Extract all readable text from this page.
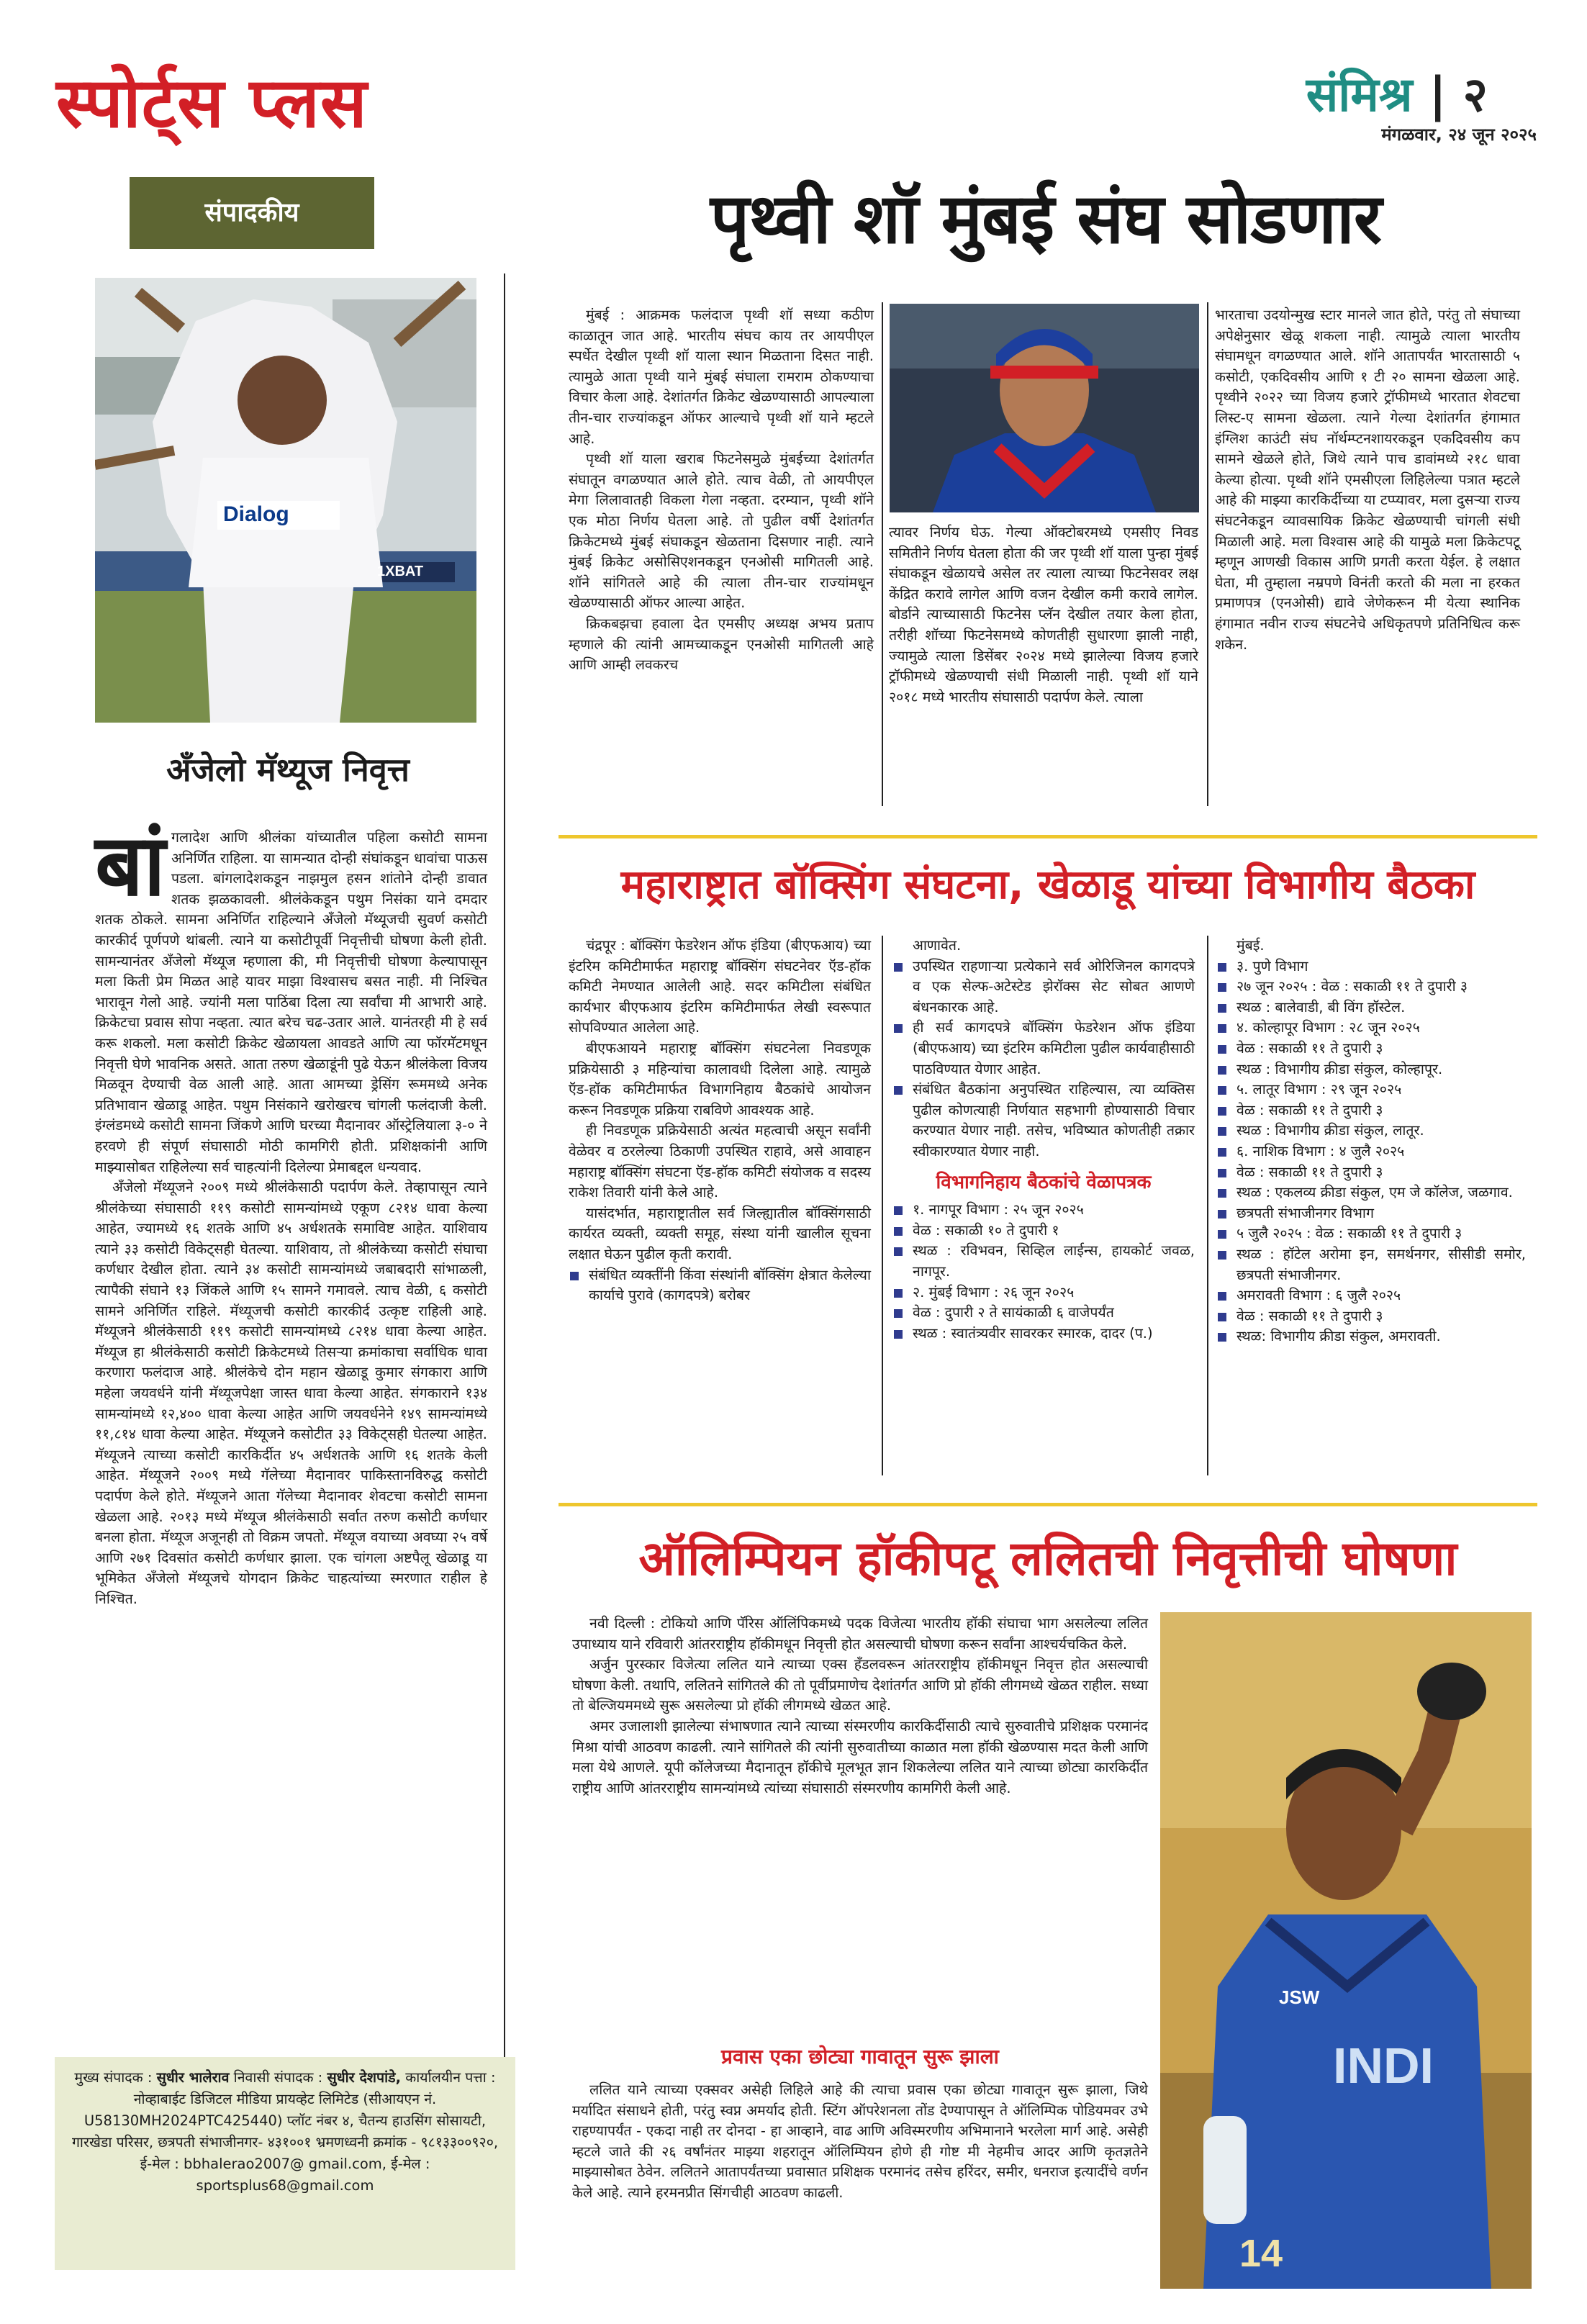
स्पोर्ट्स प्लस	संमिश्र | २
मंगळवार, २४ जून २०२५
संपादकीय
Dialog
1XBAT
अँजेलो मॅथ्यूज निवृत्त
बां गलादेश आणि श्रीलंका यांच्यातील पहिला कसोटी सामना अनिर्णित राहिला. या सामन्यात दोन्ही संघांकडून धावांचा पाऊस पडला. बांगलादेशकडून नाझमुल हसन शांतोने दोन्ही डावात शतक झळकावली. श्रीलंकेकडून पथुम निसंका याने दमदार शतक ठोकले. सामना अनिर्णित राहिल्याने अँजेलो मॅथ्यूजची सुवर्ण कसोटी कारकीर्द पूर्णपणे थांबली. त्याने या कसोटीपूर्वी निवृत्तीची घोषणा केली होती. सामन्यानंतर अँजेलो मॅथ्यूज म्हणाला की, मी निवृत्तीची घोषणा केल्यापासून मला किती प्रेम मिळत आहे यावर माझा विश्वासच बसत नाही. मी निश्चित भारावून गेलो आहे. ज्यांनी मला पाठिंबा दिला त्या सर्वांचा मी आभारी आहे. क्रिकेटचा प्रवास सोपा नव्हता. त्यात बरेच चढ-उतार आले. यानंतरही मी हे सर्व करू शकलो. मला कसोटी क्रिकेट खेळायला आवडते आणि त्या फॉरमॅटमधून निवृत्ती घेणे भावनिक असते. आता तरुण खेळाडूंनी पुढे येऊन श्रीलंकेला विजय मिळवून देण्याची वेळ आली आहे. आता आमच्या ड्रेसिंग रूममध्ये अनेक प्रतिभावान खेळाडू आहेत. पथुम निसंकाने खरोखरच चांगली फलंदाजी केली. इंग्लंडमध्ये कसोटी सामना जिंकणे आणि घरच्या मैदानावर ऑस्ट्रेलियाला ३-० ने हरवणे ही संपूर्ण संघासाठी मोठी कामगिरी होती. प्रशिक्षकांनी आणि माझ्यासोबत राहिलेल्या सर्व चाहत्यांनी दिलेल्या प्रेमाबद्दल धन्यवाद.

अँजेलो मॅथ्यूजने २००९ मध्ये श्रीलंकेसाठी पदार्पण केले. तेव्हापासून त्याने श्रीलंकेच्या संघासाठी ११९ कसोटी सामन्यांमध्ये एकूण ८२१४ धावा केल्या आहेत, ज्यामध्ये १६ शतके आणि ४५ अर्धशतके समाविष्ट आहेत. याशिवाय त्याने ३३ कसोटी विकेट्सही घेतल्या. याशिवाय, तो श्रीलंकेच्या कसोटी संघाचा कर्णधार देखील होता. त्याने ३४ कसोटी सामन्यांमध्ये जबाबदारी सांभाळली, त्यापैकी संघाने १३ जिंकले आणि १५ सामने गमावले. त्याच वेळी, ६ कसोटी सामने अनिर्णित राहिले. मॅथ्यूजची कसोटी कारकीर्द उत्कृष्ट राहिली आहे. मॅथ्यूजने श्रीलंकेसाठी ११९ कसोटी सामन्यांमध्ये ८२१४ धावा केल्या आहेत. मॅथ्यूज हा श्रीलंकेसाठी कसोटी क्रिकेटमध्ये तिसऱ्या क्रमांकाचा सर्वाधिक धावा करणारा फलंदाज आहे. श्रीलंकेचे दोन महान खेळाडू कुमार संगकारा आणि महेला जयवर्धने यांनी मॅथ्यूजपेक्षा जास्त धावा केल्या आहेत. संगकाराने १३४ सामन्यांमध्ये १२,४०० धावा केल्या आहेत आणि जयवर्धनेने १४९ सामन्यांमध्ये ११,८१४ धावा केल्या आहेत. मॅथ्यूजने कसोटीत ३३ विकेट्सही घेतल्या आहेत. मॅथ्यूजने त्याच्या कसोटी कारकिर्दीत ४५ अर्धशतके आणि १६ शतके केली आहेत. मॅथ्यूजने २००९ मध्ये गॅलेच्या मैदानावर पाकिस्तानविरुद्ध कसोटी पदार्पण केले होते. मॅथ्यूजने आता गॅलेच्या मैदानावर शेवटचा कसोटी सामना खेळला आहे. २०१३ मध्ये मॅथ्यूज श्रीलंकेसाठी सर्वात तरुण कसोटी कर्णधार बनला होता. मॅथ्यूज अजूनही तो विक्रम जपतो. मॅथ्यूज वयाच्या अवघ्या २५ वर्षे आणि २७१ दिवसांत कसोटी कर्णधार झाला. एक चांगला अष्टपैलू खेळाडू या भूमिकेत अँजेलो मॅथ्यूजचे योगदान क्रिकेट चाहत्यांच्या स्मरणात राहील हे निश्चित.

मुख्य संपादक : सुधीर भालेराव निवासी संपादक : सुधीर देशपांडे, कार्यालयीन पत्ता : नोव्हाबाईट डिजिटल मीडिया प्रायव्हेट लिमिटेड (सीआयएन नं. U58130MH2024PTC425440) प्लॉट नंबर ४, चैतन्य हाउसिंग सोसायटी, गारखेडा परिसर, छत्रपती संभाजीनगर- ४३१००१ भ्रमणध्वनी क्रमांक - ९८१३३००९२०, ई-मेल : bbhalerao2007@ gmail.com, ई-मेल : sportsplus68@gmail.com
पृथ्वी शॉ मुंबई संघ सोडणार

मुंबई : आक्रमक फलंदाज पृथ्वी शॉ सध्या कठीण काळातून जात आहे. भारतीय संघच काय तर आयपीएल स्पर्धेत देखील पृथ्वी शॉ याला स्थान मिळताना दिसत नाही. त्यामुळे आता पृथ्वी याने मुंबई संघाला रामराम ठोकण्याचा विचार केला आहे. देशांतर्गत क्रिकेट खेळण्यासाठी आपल्याला तीन-चार राज्यांकडून ऑफर आल्याचे पृथ्वी शॉ याने म्हटले आहे.

पृथ्वी शॉ याला खराब फिटनेसमुळे मुंबईच्या देशांतर्गत संघातून वगळण्यात आले होते. त्याच वेळी, तो आयपीएल मेगा लिलावातही विकला गेला नव्हता. दरम्यान, पृथ्वी शॉने एक मोठा निर्णय घेतला आहे. तो पुढील वर्षी देशांतर्गत क्रिकेटमध्ये मुंबई संघाकडून खेळताना दिसणार नाही. त्याने मुंबई क्रिकेट असोसिएशनकडून एनओसी मागितली आहे. शॉने सांगितले आहे की त्याला तीन-चार राज्यांमधून खेळण्यासाठी ऑफर आल्या आहेत.

क्रिकबझचा हवाला देत एमसीए अध्यक्ष अभय प्रताप म्हणाले की त्यांनी आमच्याकडून एनओसी मागितली आहे आणि आम्ही लवकरच

त्यावर निर्णय घेऊ. गेल्या ऑक्टोबरमध्ये एमसीए निवड समितीने निर्णय घेतला होता की जर पृथ्वी शॉ याला पुन्हा मुंबई संघाकडून खेळायचे असेल तर त्याला त्याच्या फिटनेसवर लक्ष केंद्रित करावे लागेल आणि वजन देखील कमी करावे लागेल. बोर्डाने त्याच्यासाठी फिटनेस प्लॅन देखील तयार केला होता, तरीही शॉच्या फिटनेसमध्ये कोणतीही सुधारणा झाली नाही, ज्यामुळे त्याला डिसेंबर २०२४ मध्ये झालेल्या विजय हजारे ट्रॉफीमध्ये खेळण्याची संधी मिळाली नाही. पृथ्वी शॉ याने २०१८ मध्ये भारतीय संघासाठी पदार्पण केले. त्याला

भारताचा उदयोन्मुख स्टार मानले जात होते, परंतु तो संघाच्या अपेक्षेनुसार खेळू शकला नाही. त्यामुळे त्याला भारतीय संघामधून वगळण्यात आले. शॉने आतापर्यंत भारतासाठी ५ कसोटी, एकदिवसीय आणि १ टी २० सामना खेळला आहे. पृथ्वीने २०२२ च्या विजय हजारे ट्रॉफीमध्ये भारतात शेवटचा लिस्ट-ए सामना खेळला. त्याने गेल्या देशांतर्गत हंगामात इंग्लिश काउंटी संघ नॉर्थम्प्टनशायरकडून एकदिवसीय कप सामने खेळले होते, जिथे त्याने पाच डावांमध्ये २१८ धावा केल्या होत्या. पृथ्वी शॉने एमसीएला लिहिलेल्या पत्रात म्हटले आहे की माझ्या कारकिर्दीच्या या टप्प्यावर, मला दुसऱ्या राज्य संघटनेकडून व्यावसायिक क्रिकेट खेळण्याची चांगली संधी मिळाली आहे. मला विश्वास आहे की यामुळे मला क्रिकेटपटू म्हणून आणखी विकास आणि प्रगती करता येईल. हे लक्षात घेता, मी तुम्हाला नम्रपणे विनंती करतो की मला ना हरकत प्रमाणपत्र (एनओसी) द्यावे जेणेकरून मी येत्या स्थानिक हंगामात नवीन राज्य संघटनेचे अधिकृतपणे प्रतिनिधित्व करू शकेन.

महाराष्ट्रात बॉक्सिंग संघटना, खेळाडू यांच्या विभागीय बैठका

चंद्रपूर : बॉक्सिंग फेडरेशन ऑफ इंडिया (बीएफआय) च्या इंटरिम कमिटीमार्फत महाराष्ट्र बॉक्सिंग संघटनेवर ऍड-हॉक कमिटी नेमण्यात आलेली आहे. सदर कमिटीला संबंधित कार्यभार बीएफआय इंटरिम कमिटीमार्फत लेखी स्वरूपात सोपविण्यात आलेला आहे.

बीएफआयने महाराष्ट्र बॉक्सिंग संघटनेला निवडणूक प्रक्रियेसाठी ३ महिन्यांचा कालावधी दिलेला आहे. त्यामुळे ऍड-हॉक कमिटीमार्फत विभागनिहाय बैठकांचे आयोजन करून निवडणूक प्रक्रिया राबविणे आवश्यक आहे.

ही निवडणूक प्रक्रियेसाठी अत्यंत महत्वाची असून सर्वांनी वेळेवर व ठरलेल्या ठिकाणी उपस्थित राहावे, असे आवाहन महाराष्ट्र बॉक्सिंग संघटना ऍड-हॉक कमिटी संयोजक व सदस्य राकेश तिवारी यांनी केले आहे.

यासंदर्भात, महाराष्ट्रातील सर्व जिल्ह्यातील बॉक्सिंगसाठी कार्यरत व्यक्ती, व्यक्ती समूह, संस्था यांनी खालील सूचना लक्षात घेऊन पुढील कृती करावी.

संबंधित व्यक्तींनी किंवा संस्थांनी बॉक्सिंग क्षेत्रात केलेल्या कार्याचे पुरावे (कागदपत्रे) बरोबर
आणावेत.
उपस्थित राहणाऱ्या प्रत्येकाने सर्व ओरिजिनल कागदपत्रे व एक सेल्फ-अटेस्टेड झेरॉक्स सेट सोबत आणणे बंधनकारक आहे.
ही सर्व कागदपत्रे बॉक्सिंग फेडरेशन ऑफ इंडिया (बीएफआय) च्या इंटरिम कमिटीला पुढील कार्यवाहीसाठी पाठविण्यात येणार आहेत.
संबंधित बैठकांना अनुपस्थित राहिल्यास, त्या व्यक्तिस पुढील कोणत्याही निर्णयात सहभागी होण्यासाठी विचार करण्यात येणार नाही. तसेच, भविष्यात कोणतीही तक्रार स्वीकारण्यात येणार नाही.
विभागनिहाय बैठकांचे वेळापत्रक
१. नागपूर विभाग : २५ जून २०२५
वेळ : सकाळी १० ते दुपारी १
स्थळ : रविभवन, सिव्हिल लाईन्स, हायकोर्ट जवळ, नागपूर.
२. मुंबई विभाग : २६ जून २०२५
वेळ : दुपारी २ ते सायंकाळी ६ वाजेपर्यंत
स्थळ : स्वातंत्र्यवीर सावरकर स्मारक, दादर (प.)
मुंबई.
३. पुणे विभाग
२७ जून २०२५ : वेळ : सकाळी ११ ते दुपारी ३
स्थळ : बालेवाडी, बी विंग हॉस्टेल.
४. कोल्हापूर विभाग : २८ जून २०२५
वेळ : सकाळी ११ ते दुपारी ३
स्थळ : विभागीय क्रीडा संकुल, कोल्हापूर.
५. लातूर विभाग : २९ जून २०२५
वेळ : सकाळी ११ ते दुपारी ३
स्थळ : विभागीय क्रीडा संकुल, लातूर.
६. नाशिक विभाग : ४ जुलै २०२५
वेळ : सकाळी ११ ते दुपारी ३
स्थळ : एकलव्य क्रीडा संकुल, एम जे कॉलेज, जळगाव.
छत्रपती संभाजीनगर विभाग
५ जुलै २०२५ : वेळ : सकाळी ११ ते दुपारी ३
स्थळ : हॉटेल अरोमा इन, समर्थनगर, सीसीडी समोर, छत्रपती संभाजीनगर.
अमरावती विभाग : ६ जुलै २०२५
वेळ : सकाळी ११ ते दुपारी ३
स्थळ: विभागीय क्रीडा संकुल, अमरावती.
ऑलिम्पियन हॉकीपटू ललितची निवृत्तीची घोषणा

नवी दिल्ली : टोकियो आणि पॅरिस ऑलिंपिकमध्ये पदक विजेत्या भारतीय हॉकी संघाचा भाग असलेल्या ललित उपाध्याय याने रविवारी आंतरराष्ट्रीय हॉकीमधून निवृत्ती होत असल्याची घोषणा करून सर्वांना आश्चर्यचकित केले.

अर्जुन पुरस्कार विजेत्या ललित याने त्याच्या एक्स हँडलवरून आंतरराष्ट्रीय हॉकीमधून निवृत्त होत असल्याची घोषणा केली. तथापि, ललितने सांगितले की तो पूर्वीप्रमाणेच देशांतर्गत आणि प्रो हॉकी लीगमध्ये खेळत राहील. सध्या तो बेल्जियममध्ये सुरू असलेल्या प्रो हॉकी लीगमध्ये खेळत आहे.

अमर उजालाशी झालेल्या संभाषणात त्याने त्याच्या संस्मरणीय कारकिर्दीसाठी त्याचे सुरुवातीचे प्रशिक्षक परमानंद मिश्रा यांची आठवण काढली. त्याने सांगितले की त्यांनी सुरुवातीच्या काळात मला हॉकी खेळण्यास मदत केली आणि मला येथे आणले. यूपी कॉलेजच्या मैदानातून हॉकीचे मूलभूत ज्ञान शिकलेल्या ललित याने त्याच्या छोट्या कारकिर्दीत राष्ट्रीय आणि आंतरराष्ट्रीय सामन्यांमध्ये त्यांच्या संघासाठी संस्मरणीय कामगिरी केली आहे.

प्रवास एका छोट्या गावातून सुरू झाला

ललित याने त्याच्या एक्सवर असेही लिहिले आहे की त्याचा प्रवास एका छोट्या गावातून सुरू झाला, जिथे मर्यादित संसाधने होती, परंतु स्वप्न अमर्याद होती. स्टिंग ऑपरेशनला तोंड देण्यापासून ते ऑलिम्पिक पोडियमवर उभे राहण्यापर्यंत - एकदा नाही तर दोनदा - हा आव्हाने, वाढ आणि अविस्मरणीय अभिमानाने भरलेला मार्ग आहे. असेही म्हटले जाते की २६ वर्षांनंतर माझ्या शहरातून ऑलिम्पियन होणे ही गोष्ट मी नेहमीच आदर आणि कृतज्ञतेने माझ्यासोबत ठेवेन. ललितने आतापर्यंतच्या प्रवासात प्रशिक्षक परमानंद तसेच हरिंदर, समीर, धनराज इत्यादींचे वर्णन केले आहे. त्याने हरमनप्रीत सिंगचीही आठवण काढली.

JSW
INDI
14
